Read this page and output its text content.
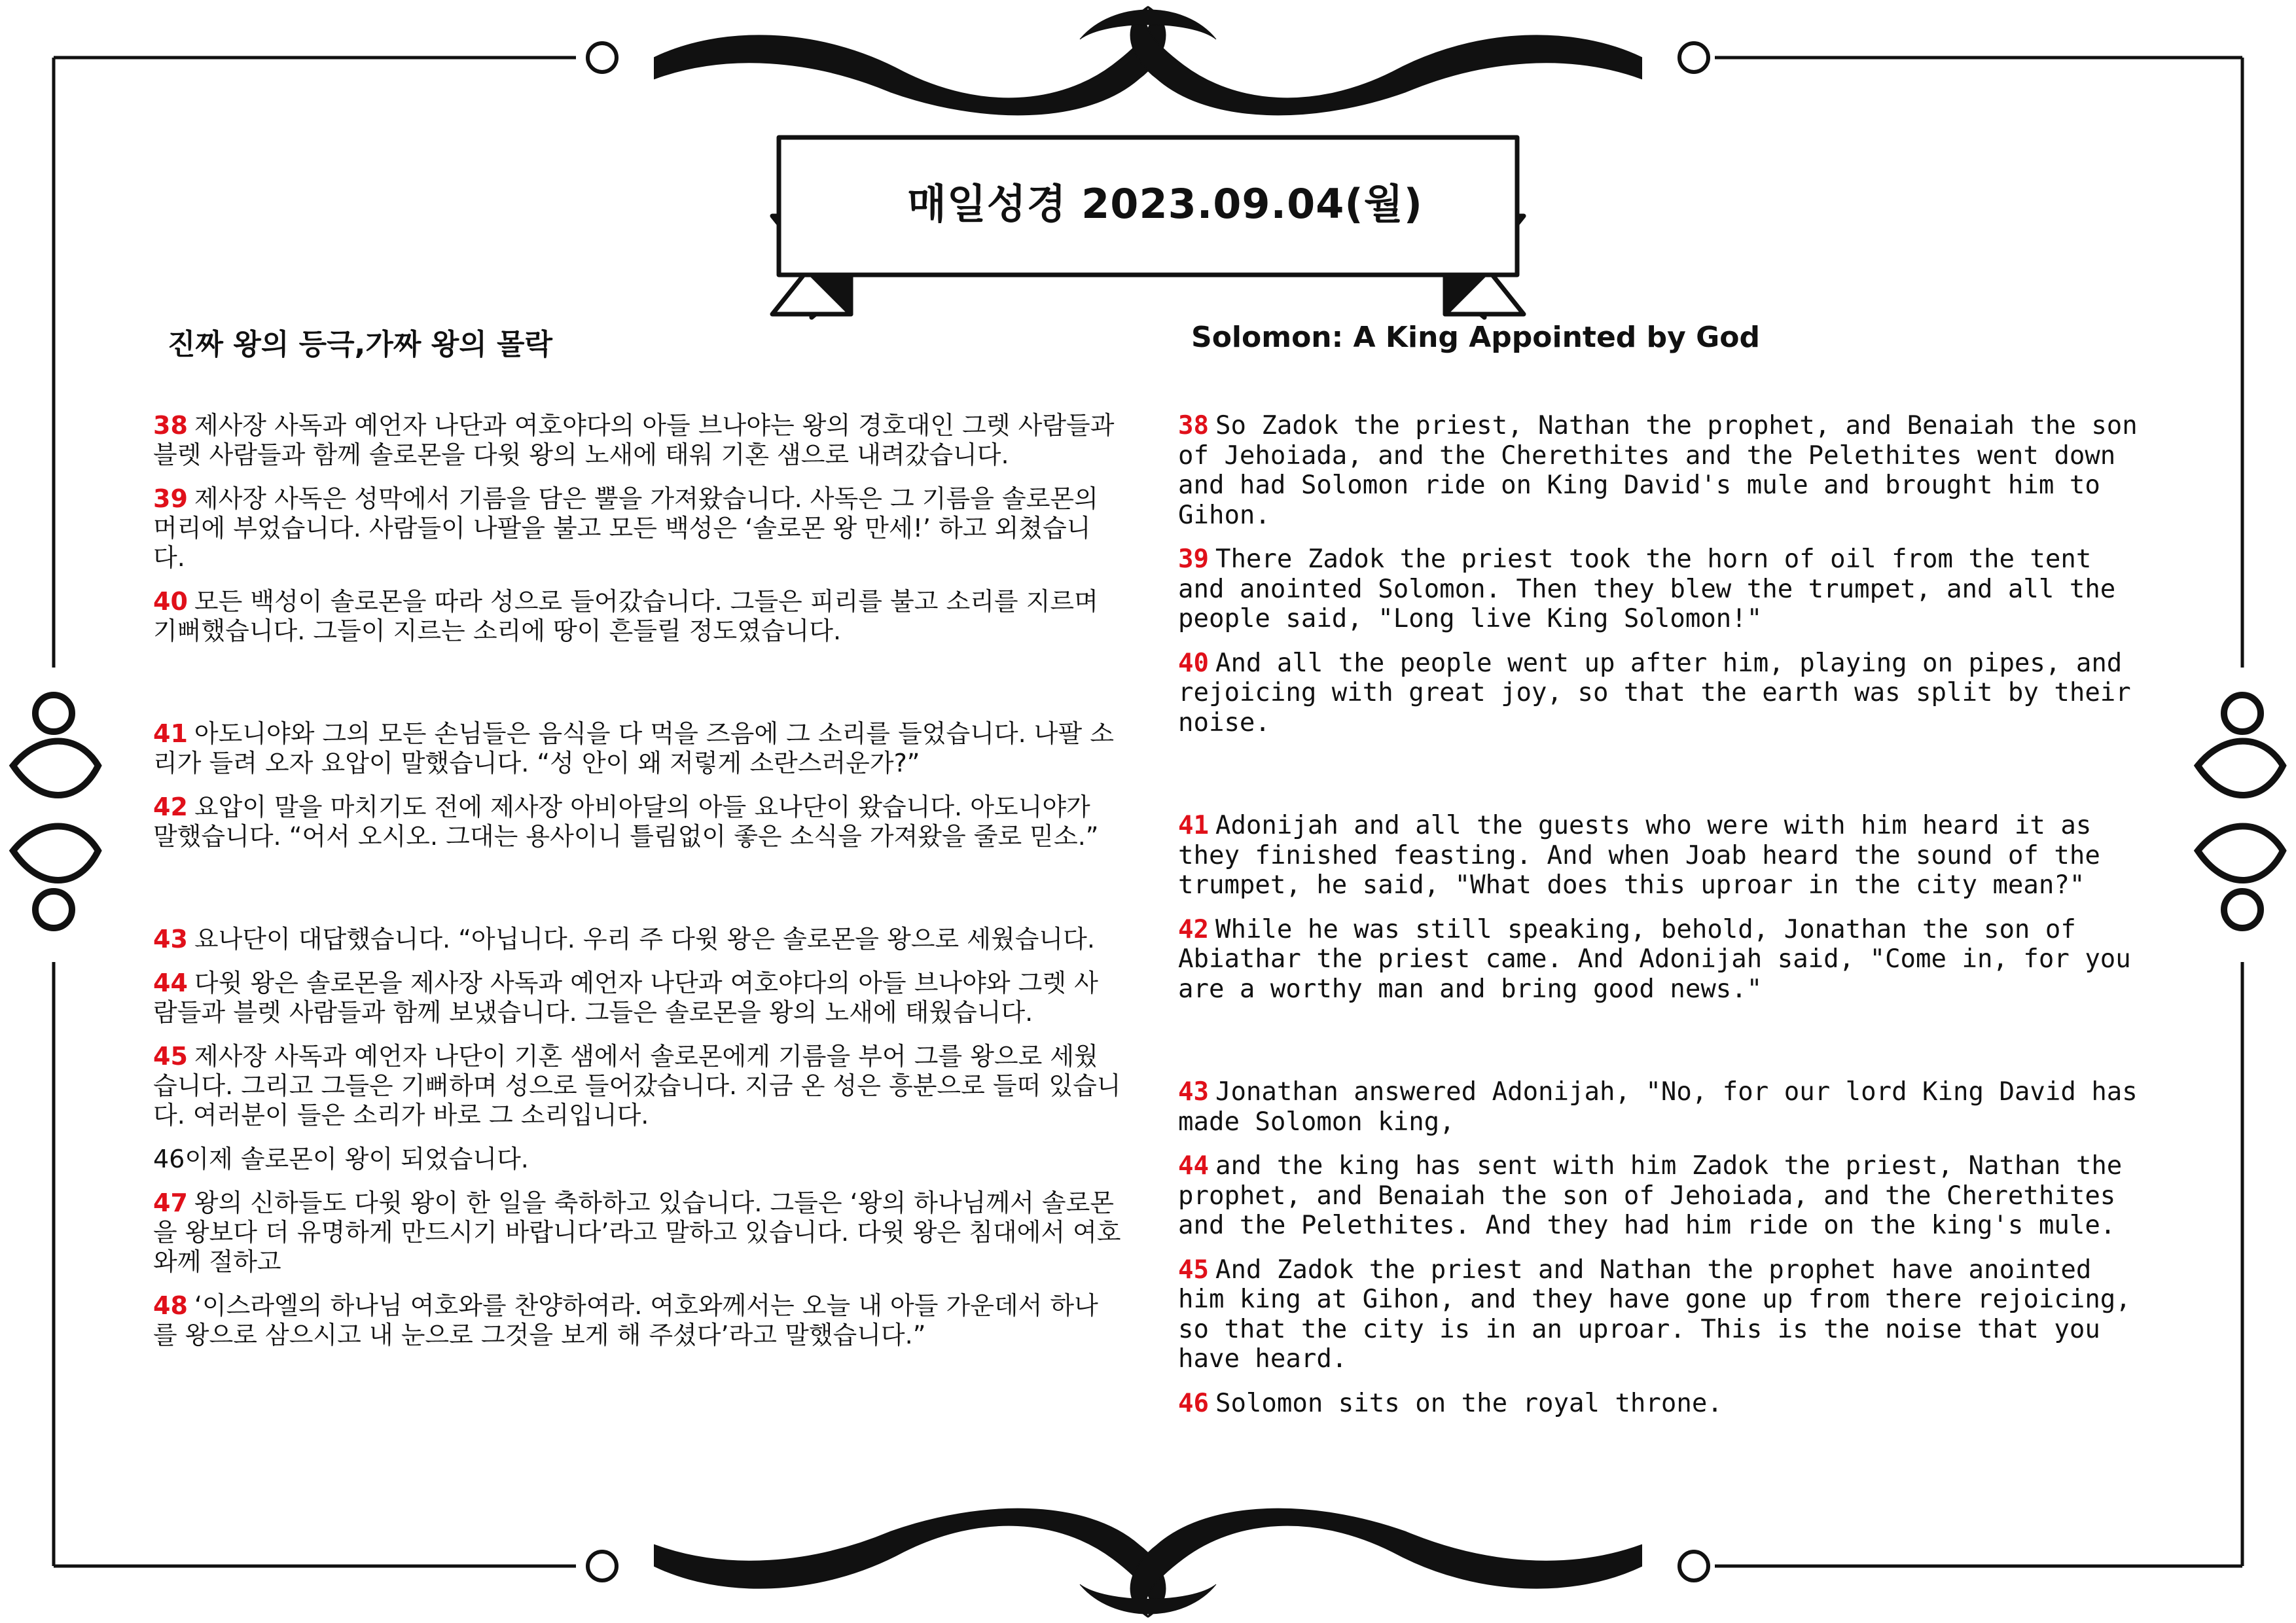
매일성경 2023.09.04(월)
진짜 왕의 등극,가짜 왕의 몰락	Solomon: A King Appointed by God

38 제사장 사독과 예언자 나단과 여호야다의 아들 브나야는 왕의 경호대인 그렛 사람들과 블렛 사람들과 함께 솔로몬을 다윗 왕의 노새에 태워 기혼 샘으로 내려갔습니다.

39 제사장 사독은 성막에서 기름을 담은 뿔을 가져왔습니다. 사독은 그 기름을 솔로몬의 머리에 부었습니다. 사람들이 나팔을 불고 모든 백성은 ‘솔로몬 왕 만세!’ 하고 외쳤습니다.

40 모든 백성이 솔로몬을 따라 성으로 들어갔습니다. 그들은 피리를 불고 소리를 지르며 기뻐했습니다. 그들이 지르는 소리에 땅이 흔들릴 정도였습니다.

41 아도니야와 그의 모든 손님들은 음식을 다 먹을 즈음에 그 소리를 들었습니다. 나팔 소리가 들려 오자 요압이 말했습니다. “성 안이 왜 저렇게 소란스러운가?”

42 요압이 말을 마치기도 전에 제사장 아비아달의 아들 요나단이 왔습니다. 아도니야가 말했습니다. “어서 오시오. 그대는 용사이니 틀림없이 좋은 소식을 가져왔을 줄로 믿소.”

43 요나단이 대답했습니다. “아닙니다. 우리 주 다윗 왕은 솔로몬을 왕으로 세웠습니다.

44 다윗 왕은 솔로몬을 제사장 사독과 예언자 나단과 여호야다의 아들 브나야와 그렛 사람들과 블렛 사람들과 함께 보냈습니다. 그들은 솔로몬을 왕의 노새에 태웠습니다.

45 제사장 사독과 예언자 나단이 기혼 샘에서 솔로몬에게 기름을 부어 그를 왕으로 세웠습니다. 그리고 그들은 기뻐하며 성으로 들어갔습니다. 지금 온 성은 흥분으로 들떠 있습니다. 여러분이 들은 소리가 바로 그 소리입니다.

46이제 솔로몬이 왕이 되었습니다.

47 왕의 신하들도 다윗 왕이 한 일을 축하하고 있습니다. 그들은 ‘왕의 하나님께서 솔로몬을 왕보다 더 유명하게 만드시기 바랍니다’라고 말하고 있습니다. 다윗 왕은 침대에서 여호와께 절하고

48 ‘이스라엘의 하나님 여호와를 찬양하여라. 여호와께서는 오늘 내 아들 가운데서 하나를 왕으로 삼으시고 내 눈으로 그것을 보게 해 주셨다’라고 말했습니다.”

38 So Zadok the priest, Nathan the prophet, and Benaiah the son of Jehoiada, and the Cherethites and the Pelethites went down and had Solomon ride on King David's mule and brought him to Gihon.

39 There Zadok the priest took the horn of oil from the tent and anointed Solomon. Then they blew the trumpet, and all the people said, "Long live King Solomon!"

40 And all the people went up after him, playing on pipes, and rejoicing with great joy, so that the earth was split by their noise.

41 Adonijah and all the guests who were with him heard it as they finished feasting. And when Joab heard the sound of the trumpet, he said, "What does this uproar in the city mean?"

42 While he was still speaking, behold, Jonathan the son of Abiathar the priest came. And Adonijah said, "Come in, for you are a worthy man and bring good news."

43 Jonathan answered Adonijah, "No, for our lord King David has made Solomon king,

44 and the king has sent with him Zadok the priest, Nathan the prophet, and Benaiah the son of Jehoiada, and the Cherethites and the Pelethites. And they had him ride on the king's mule.

45 And Zadok the priest and Nathan the prophet have anointed him king at Gihon, and they have gone up from there rejoicing, so that the city is in an uproar. This is the noise that you have heard.

46 Solomon sits on the royal throne.
